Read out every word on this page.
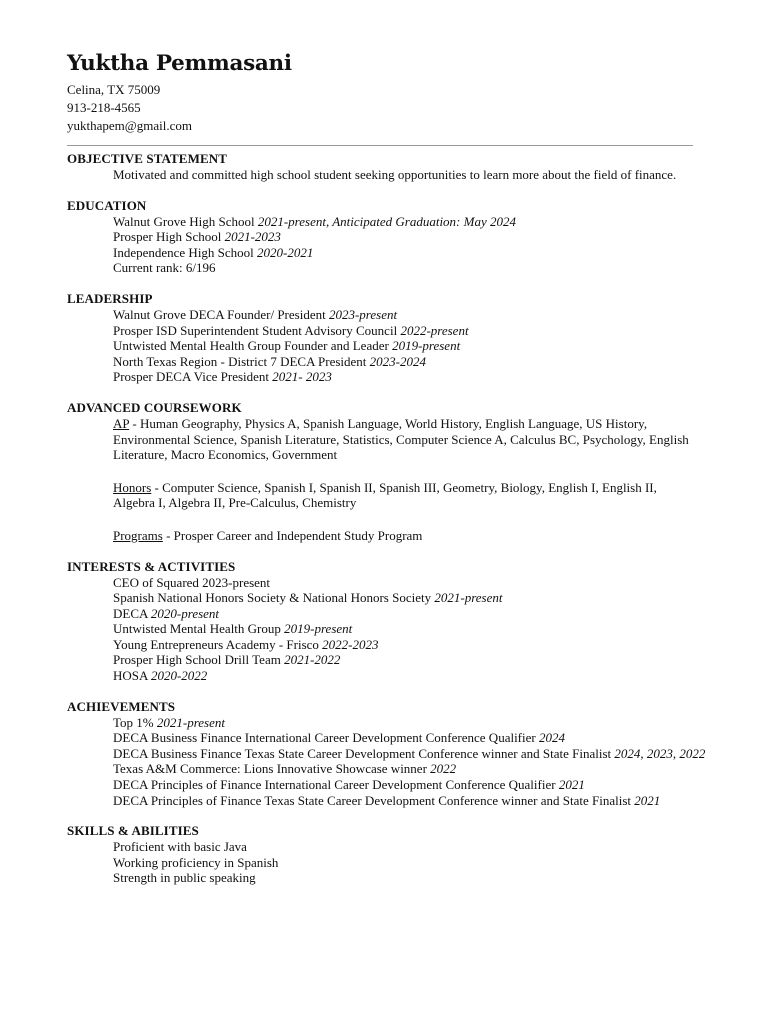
Yuktha Pemmasani
Celina, TX 75009
913-218-4565
yukthapem@gmail.com
OBJECTIVE STATEMENT
Motivated and committed high school student seeking opportunities to learn more about the field of finance.
EDUCATION
Walnut Grove High School 2021-present, Anticipated Graduation: May 2024
Prosper High School 2021-2023
Independence High School 2020-2021
Current rank: 6/196
LEADERSHIP
Walnut Grove DECA Founder/ President 2023-present
Prosper ISD Superintendent Student Advisory Council 2022-present
Untwisted Mental Health Group Founder and Leader 2019-present
North Texas Region - District 7 DECA President 2023-2024
Prosper DECA Vice President 2021- 2023
ADVANCED COURSEWORK
AP - Human Geography, Physics A, Spanish Language, World History, English Language, US History, Environmental Science, Spanish Literature, Statistics, Computer Science A, Calculus BC, Psychology, English Literature, Macro Economics, Government
Honors - Computer Science, Spanish I, Spanish II, Spanish III, Geometry, Biology, English I, English II, Algebra I, Algebra II, Pre-Calculus, Chemistry
Programs - Prosper Career and Independent Study Program
INTERESTS & ACTIVITIES
CEO of Squared 2023-present
Spanish National Honors Society & National Honors Society 2021-present
DECA 2020-present
Untwisted Mental Health Group 2019-present
Young Entrepreneurs Academy - Frisco 2022-2023
Prosper High School Drill Team 2021-2022
HOSA 2020-2022
ACHIEVEMENTS
Top 1% 2021-present
DECA Business Finance International Career Development Conference Qualifier 2024
DECA Business Finance Texas State Career Development Conference winner and State Finalist 2024, 2023, 2022
Texas A&M Commerce: Lions Innovative Showcase winner 2022
DECA Principles of Finance International Career Development Conference Qualifier 2021
DECA Principles of Finance Texas State Career Development Conference winner and State Finalist 2021
SKILLS & ABILITIES
Proficient with basic Java
Working proficiency in Spanish
Strength in public speaking
